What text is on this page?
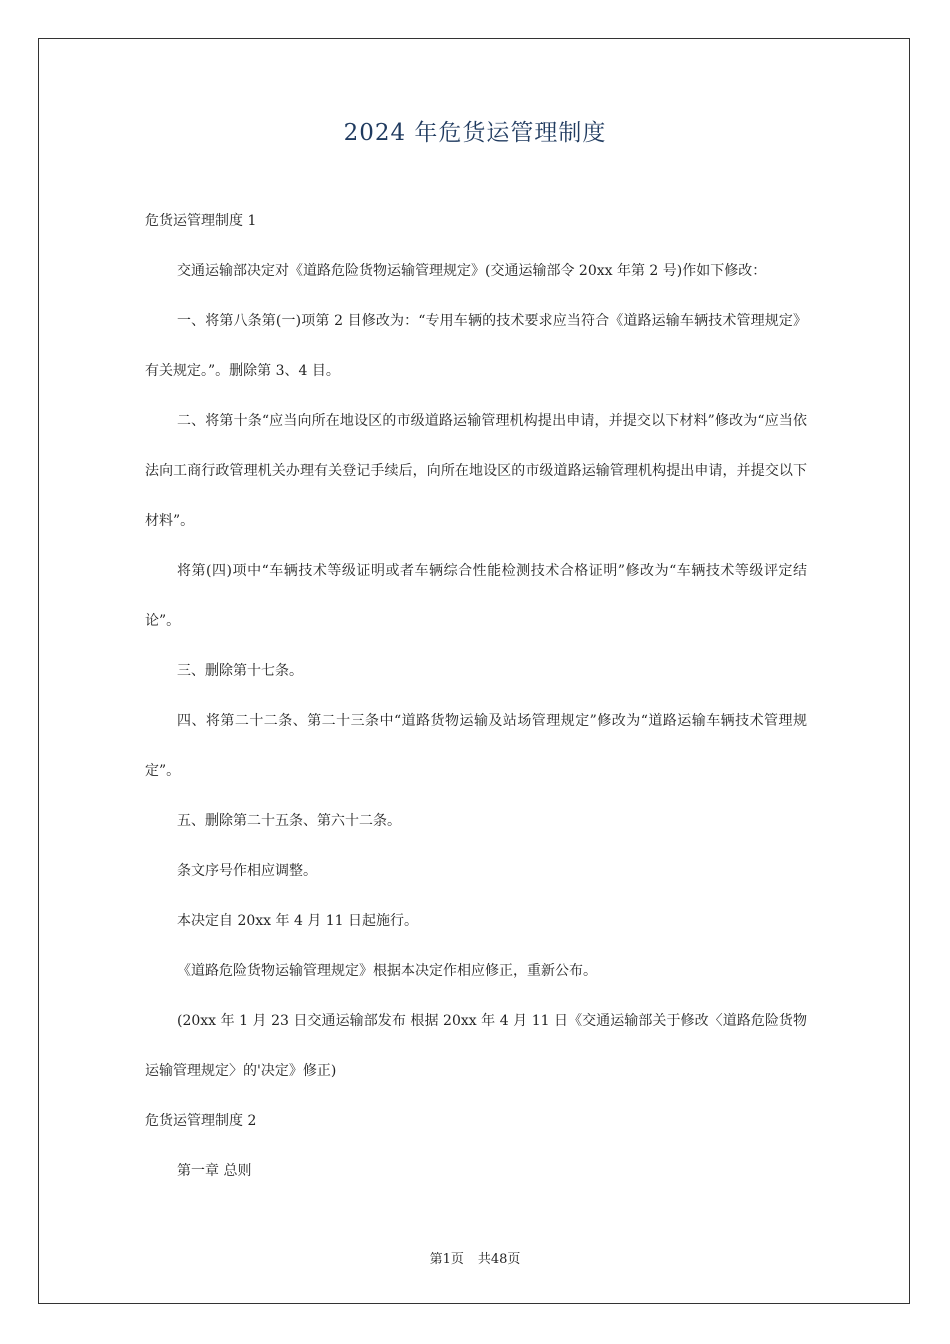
2024 年危货运管理制度

危货运管理制度 1

交通运输部决定对《道路危险货物运输管理规定》(交通运输部令 20xx 年第 2 号)作如下修改：

一、将第八条第(一)项第 2 目修改为：“专用车辆的技术要求应当符合《道路运输车辆技术管理规定》有关规定。”。删除第 3、4 目。

二、将第十条“应当向所在地设区的市级道路运输管理机构提出申请，并提交以下材料”修改为“应当依法向工商行政管理机关办理有关登记手续后，向所在地设区的市级道路运输管理机构提出申请，并提交以下材料”。

将第(四)项中“车辆技术等级证明或者车辆综合性能检测技术合格证明”修改为“车辆技术等级评定结论”。

三、删除第十七条。

四、将第二十二条、第二十三条中“道路货物运输及站场管理规定”修改为“道路运输车辆技术管理规定”。

五、删除第二十五条、第六十二条。

条文序号作相应调整。

本决定自 20xx 年 4 月 11 日起施行。

《道路危险货物运输管理规定》根据本决定作相应修正，重新公布。

(20xx 年 1 月 23 日交通运输部发布 根据 20xx 年 4 月 11 日《交通运输部关于修改〈道路危险货物运输管理规定〉的'决定》修正)

危货运管理制度 2

第一章 总则

第1页 共48页
